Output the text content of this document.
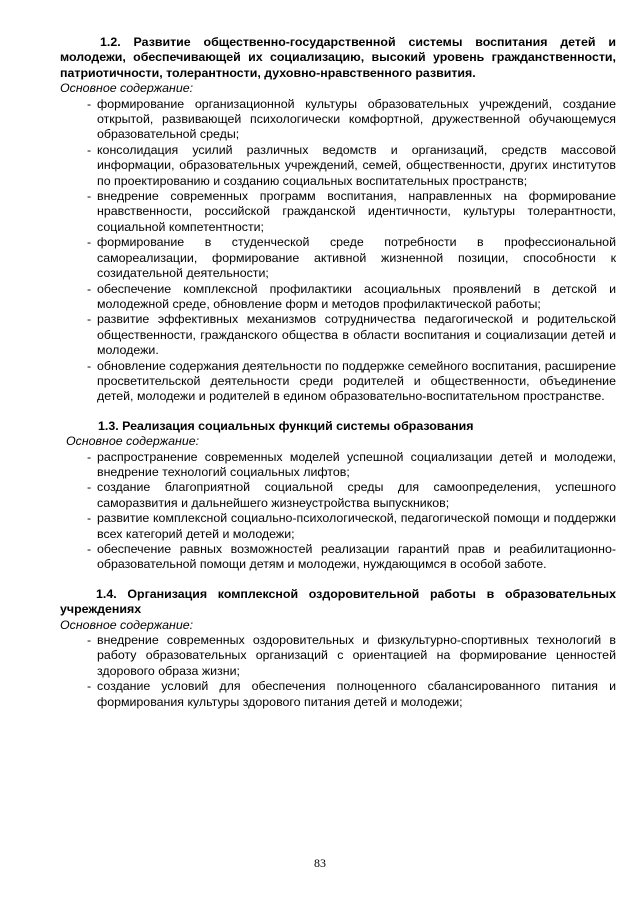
1.2. Развитие общественно-государственной системы воспитания детей и молодежи, обеспечивающей их социализацию, высокий уровень гражданственности, патриотичности, толерантности, духовно-нравственного развития.

Основное содержание:

- формирование организационной культуры образовательных учреждений, создание открытой, развивающей психологически комфортной, дружественной обучающемуся образовательной среды;
- консолидация усилий различных ведомств и организаций, средств массовой информации, образовательных учреждений, семей, общественности, других институтов по проектированию и созданию социальных воспитательных пространств;
- внедрение современных программ воспитания, направленных на формирование нравственности, российской гражданской идентичности, культуры толерантности, социальной компетентности;
- формирование в студенческой среде потребности в профессиональной самореализации, формирование активной жизненной позиции, способности к созидательной деятельности;
- обеспечение комплексной профилактики асоциальных проявлений в детской и молодежной среде, обновление форм и методов профилактической работы;
- развитие эффективных механизмов сотрудничества педагогической и родительской общественности, гражданского общества в области воспитания и социализации детей и молодежи.
- обновление содержания деятельности по поддержке семейного воспитания, расширение просветительской деятельности среди родителей и общественности, объединение детей, молодежи и родителей в едином образовательно-воспитательном пространстве.

1.3. Реализация социальных функций системы образования

Основное содержание:

- распространение современных моделей успешной социализации детей и молодежи, внедрение технологий социальных лифтов;
- создание благоприятной социальной среды для самоопределения, успешного саморазвития и дальнейшего жизнеустройства выпускников;
- развитие комплексной социально-психологической, педагогической помощи и поддержки всех категорий детей и молодежи;
- обеспечение равных возможностей реализации гарантий прав и реабилитационно-образовательной помощи детям и молодежи, нуждающимся в особой заботе.

1.4. Организация комплексной оздоровительной работы в образовательных учреждениях

Основное содержание:

- внедрение современных оздоровительных и физкультурно-спортивных технологий в работу образовательных организаций с ориентацией на формирование ценностей здорового образа жизни;
- создание условий для обеспечения полноценного сбалансированного питания и формирования культуры здорового питания детей и молодежи;
83
